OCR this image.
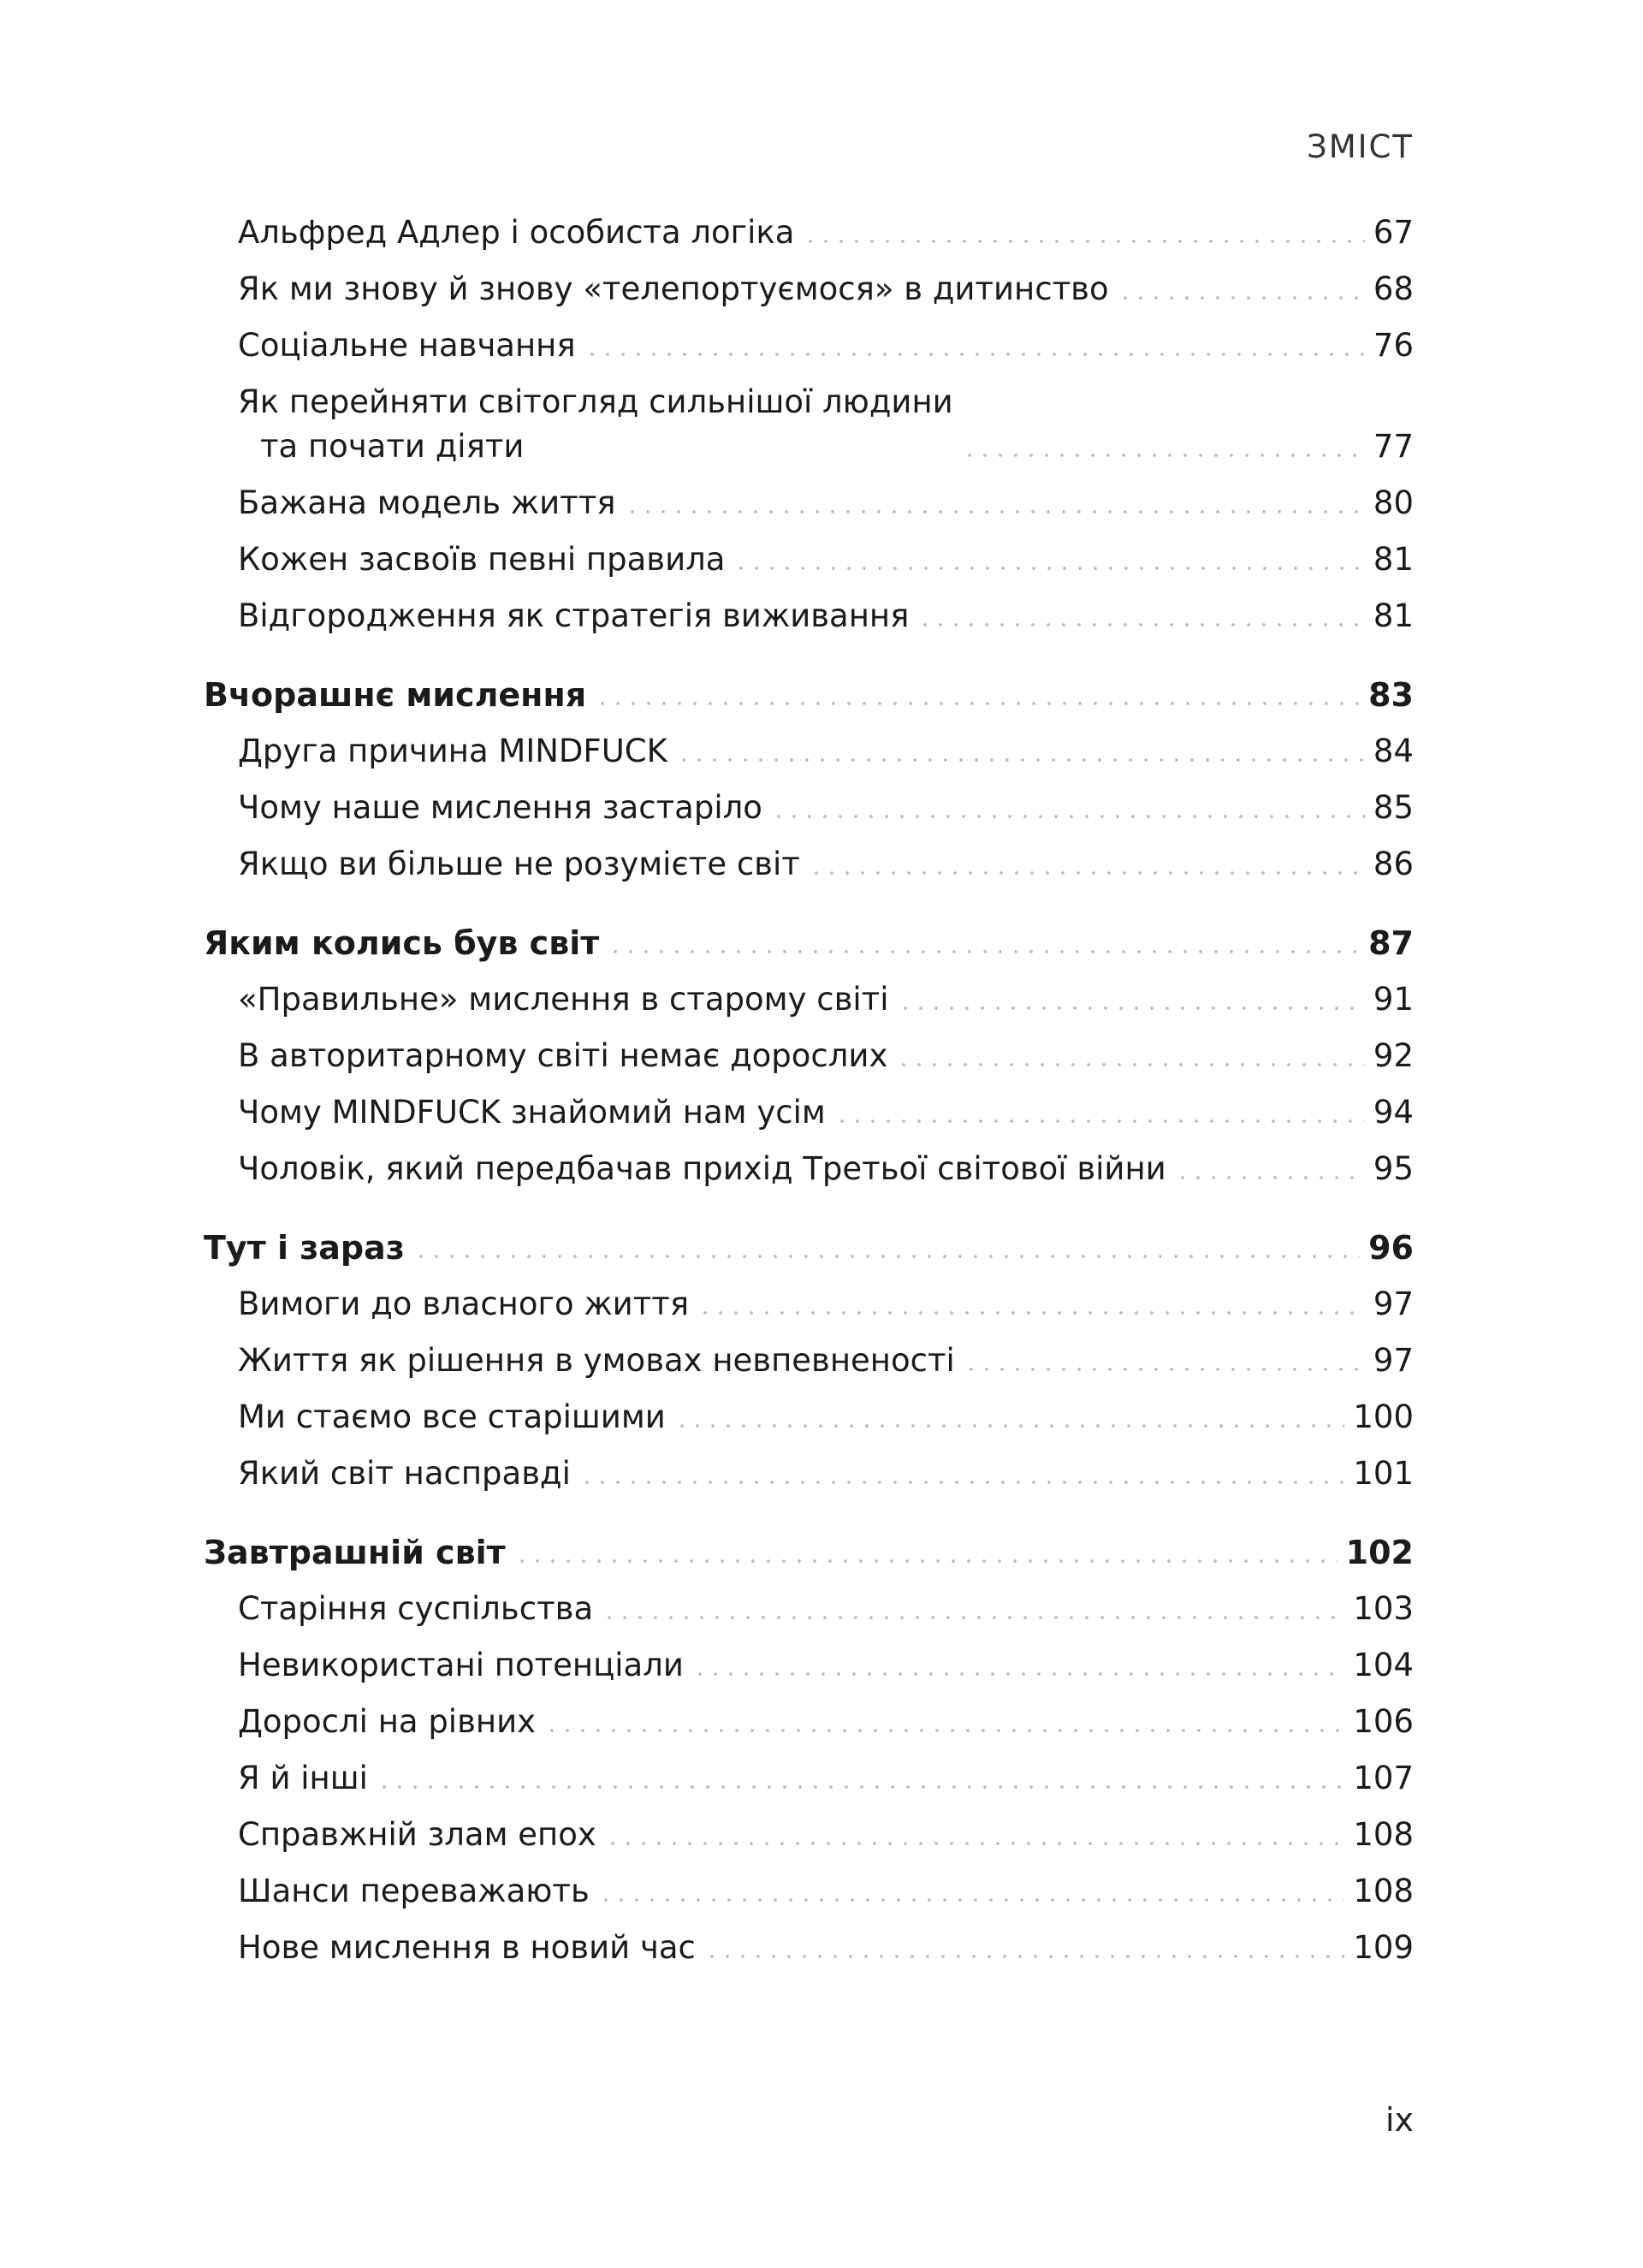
ЗМІСТ
Альфред Адлер і особиста логіка	67
Як ми знову й знову «телепортуємося» в дитинство	68
Соціальне навчання	76
Як перейняти світогляд сильнішої людини
та почати діяти	77
Бажана модель життя	80
Кожен засвоїв певні правила	81
Відгородження як стратегія виживання	81
Вчорашнє мислення	83
Друга причина MINDFUCK	84
Чому наше мислення застаріло	85
Якщо ви більше не розумієте світ	86
Яким колись був світ	87
«Правильне» мислення в старому світі	91
В авторитарному світі немає дорослих	92
Чому MINDFUCK знайомий нам усім	94
Чоловік, який передбачав прихід Третьої світової війни	95
Тут і зараз	96
Вимоги до власного життя	97
Життя як рішення в умовах невпевненості	97
Ми стаємо все старішими	100
Який світ насправді	101
Завтрашній світ	102
Старіння суспільства	103
Невикористані потенціали	104
Дорослі на рівних	106
Я й інші	107
Справжній злам епох	108
Шанси переважають	108
Нове мислення в новий час	109
ix
